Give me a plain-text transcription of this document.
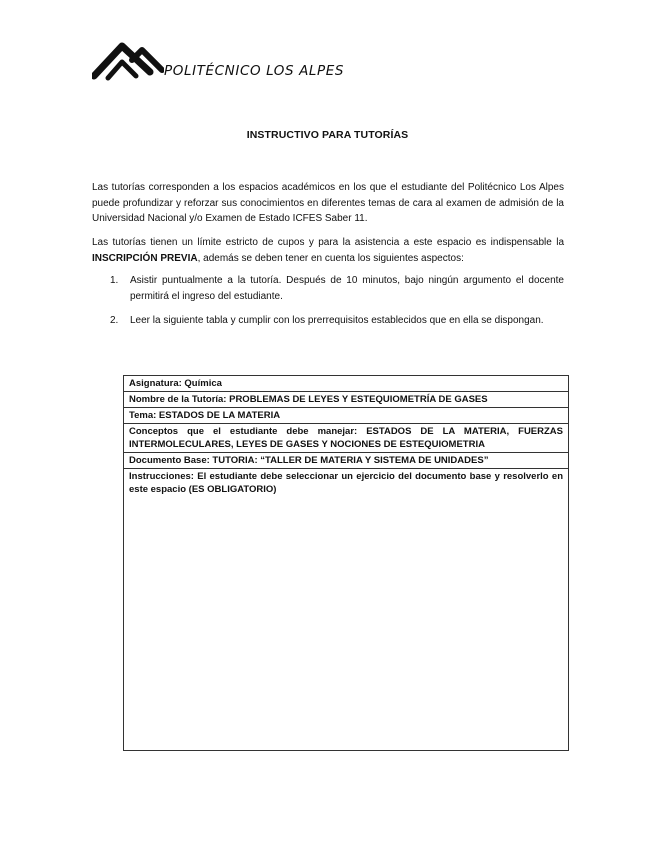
POLITÉCNICO LOS ALPES
INSTRUCTIVO PARA TUTORÍAS

Las tutorías corresponden a los espacios académicos en los que el estudiante del Politécnico Los Alpes puede profundizar y reforzar sus conocimientos en diferentes temas de cara al examen de admisión de la Universidad Nacional y/o Examen de Estado ICFES Saber 11.

Las tutorías tienen un límite estricto de cupos y para la asistencia a este espacio es indispensable la INSCRIPCIÓN PREVIA, además se deben tener en cuenta los siguientes aspectos:

1. Asistir puntualmente a la tutoría. Después de 10 minutos, bajo ningún argumento el docente permitirá el ingreso del estudiante.
2. Leer la siguiente tabla y cumplir con los prerrequisitos establecidos que en ella se dispongan.
Asignatura: Química
Nombre de la Tutoría: PROBLEMAS DE LEYES Y ESTEQUIOMETRÍA DE GASES
Tema: ESTADOS DE LA MATERIA
Conceptos que el estudiante debe manejar: ESTADOS DE LA MATERIA, FUERZAS INTERMOLECULARES, LEYES DE GASES Y NOCIONES DE ESTEQUIOMETRIA
Documento Base: TUTORIA: “TALLER DE MATERIA Y SISTEMA DE UNIDADES”
Instrucciones: El estudiante debe seleccionar un ejercicio del documento base y resolverlo en este espacio (ES OBLIGATORIO)
